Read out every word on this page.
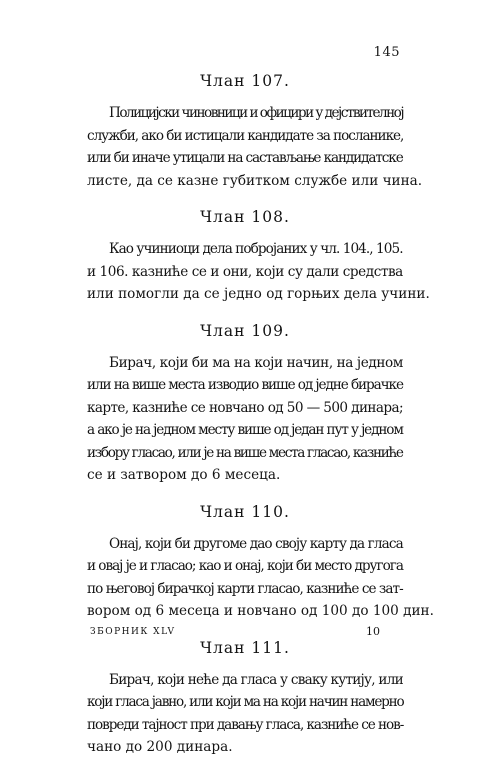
145
Члан 107.

Полицијски чиновници и официри у дејствителној
служби, ако би истицали кандидате за посланике,
или би иначе утицали на састављање кандидатске
листе, да се казне губитком службе или чина.

Члан 108.

Као учиниоци дела побројаних у чл. 104., 105.
и 106. казниће се и они, који су дали средства
или помогли да се једно од горњих дела учини.

Члан 109.

Бирач, који би ма на који начин, на једном
или на више места изводио више од једне бирачке
карте, казниће се новчано од 50 — 500 динара;
а ако је на једном месту више од један пут у једном
избору гласао, или је на више места гласао, казниће
се и затвором до 6 месеца.

Члан 110.

Онај, који би другоме дао своју карту да гласа
и овај је и гласао; као и онај, који би место другога
по његовој бирачкој карти гласао, казниће се зат-
вором од 6 месеца и новчано од 100 до 100 дин.

Члан 111.

Бирач, који неће да гласа у сваку кутију, или
који гласа јавно, или који ма на који начин намерно
повреди тајност при давању гласа, казниће се нов-
чано до 200 динара.

ЗБОРНИК XLV	10
